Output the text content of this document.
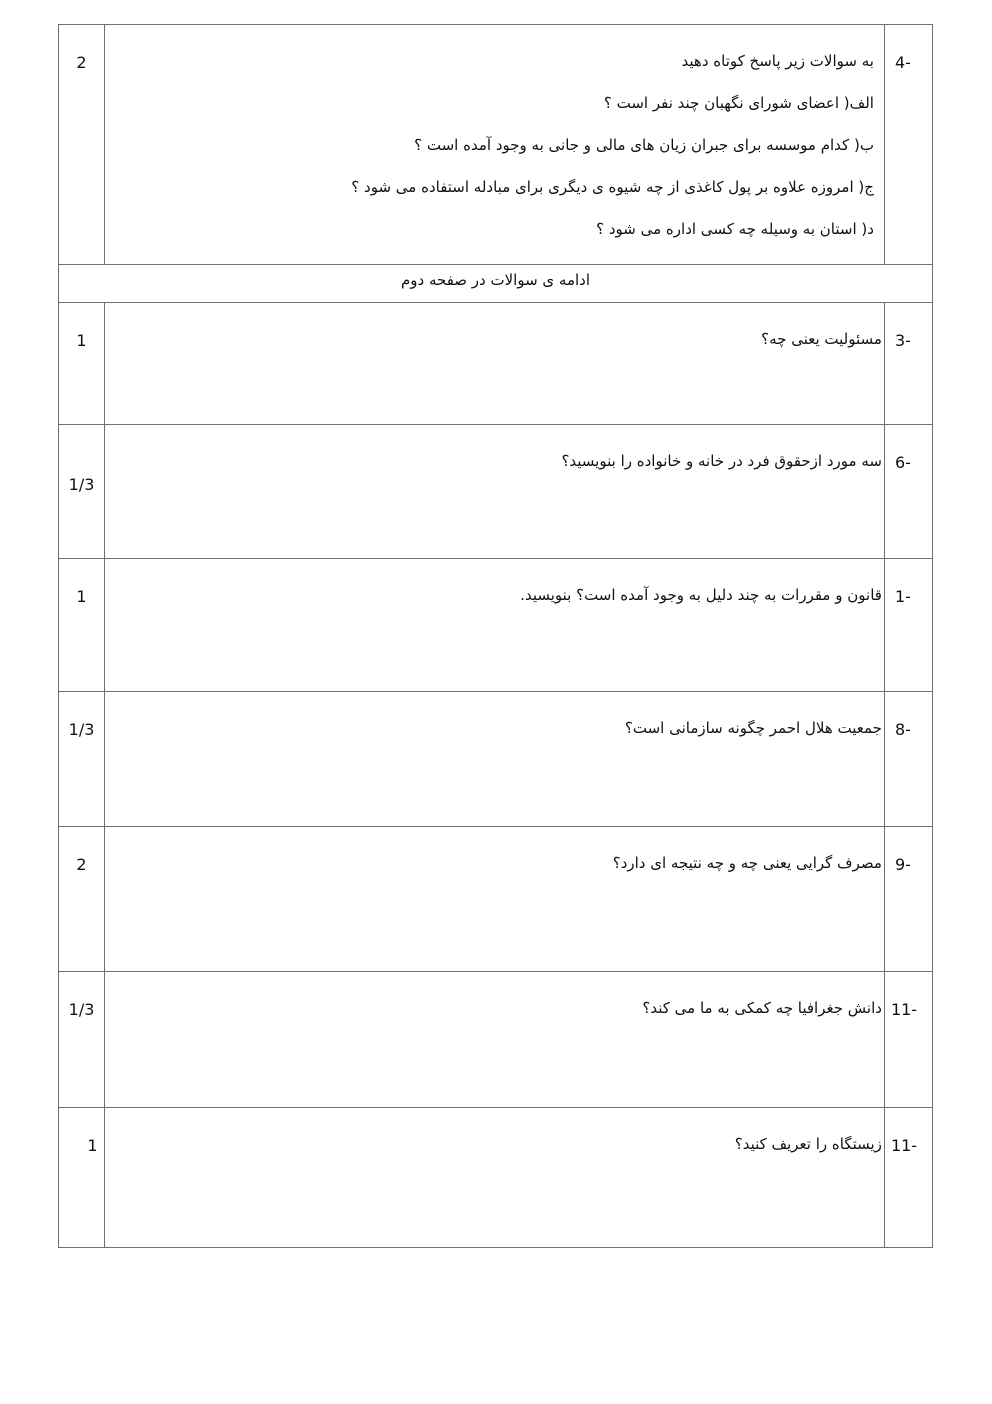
2	به سوالات زیر پاسخ کوتاه دهید
الف( اعضای شورای نگهبان چند نفر است ؟
ب( کدام موسسه برای جبران زیان های مالی و جانی به وجود آمده است ؟
ج( امروزه علاوه بر پول کاغذی از چه شیوه ی دیگری برای مبادله استفاده می شود ؟
د( استان به وسیله چه کسی اداره می شود ؟	4-
ادامه ی سوالات در صفحه دوم		
1	مسئولیت یعنی چه؟	3-
1/3	سه مورد ازحقوق فرد در خانه و خانواده را بنویسید؟	6-
1	قانون و مقررات به چند دلیل به وجود آمده است؟ بنویسید.	1-
1/3	جمعیت هلال احمر چگونه سازمانی است؟	8-
2	مصرف گرایی یعنی چه و چه نتیجه ای دارد؟	9-
1/3	دانش جغرافیا چه کمکی به ما می کند؟	11-
1	زیستگاه را تعریف کنید؟	11-
